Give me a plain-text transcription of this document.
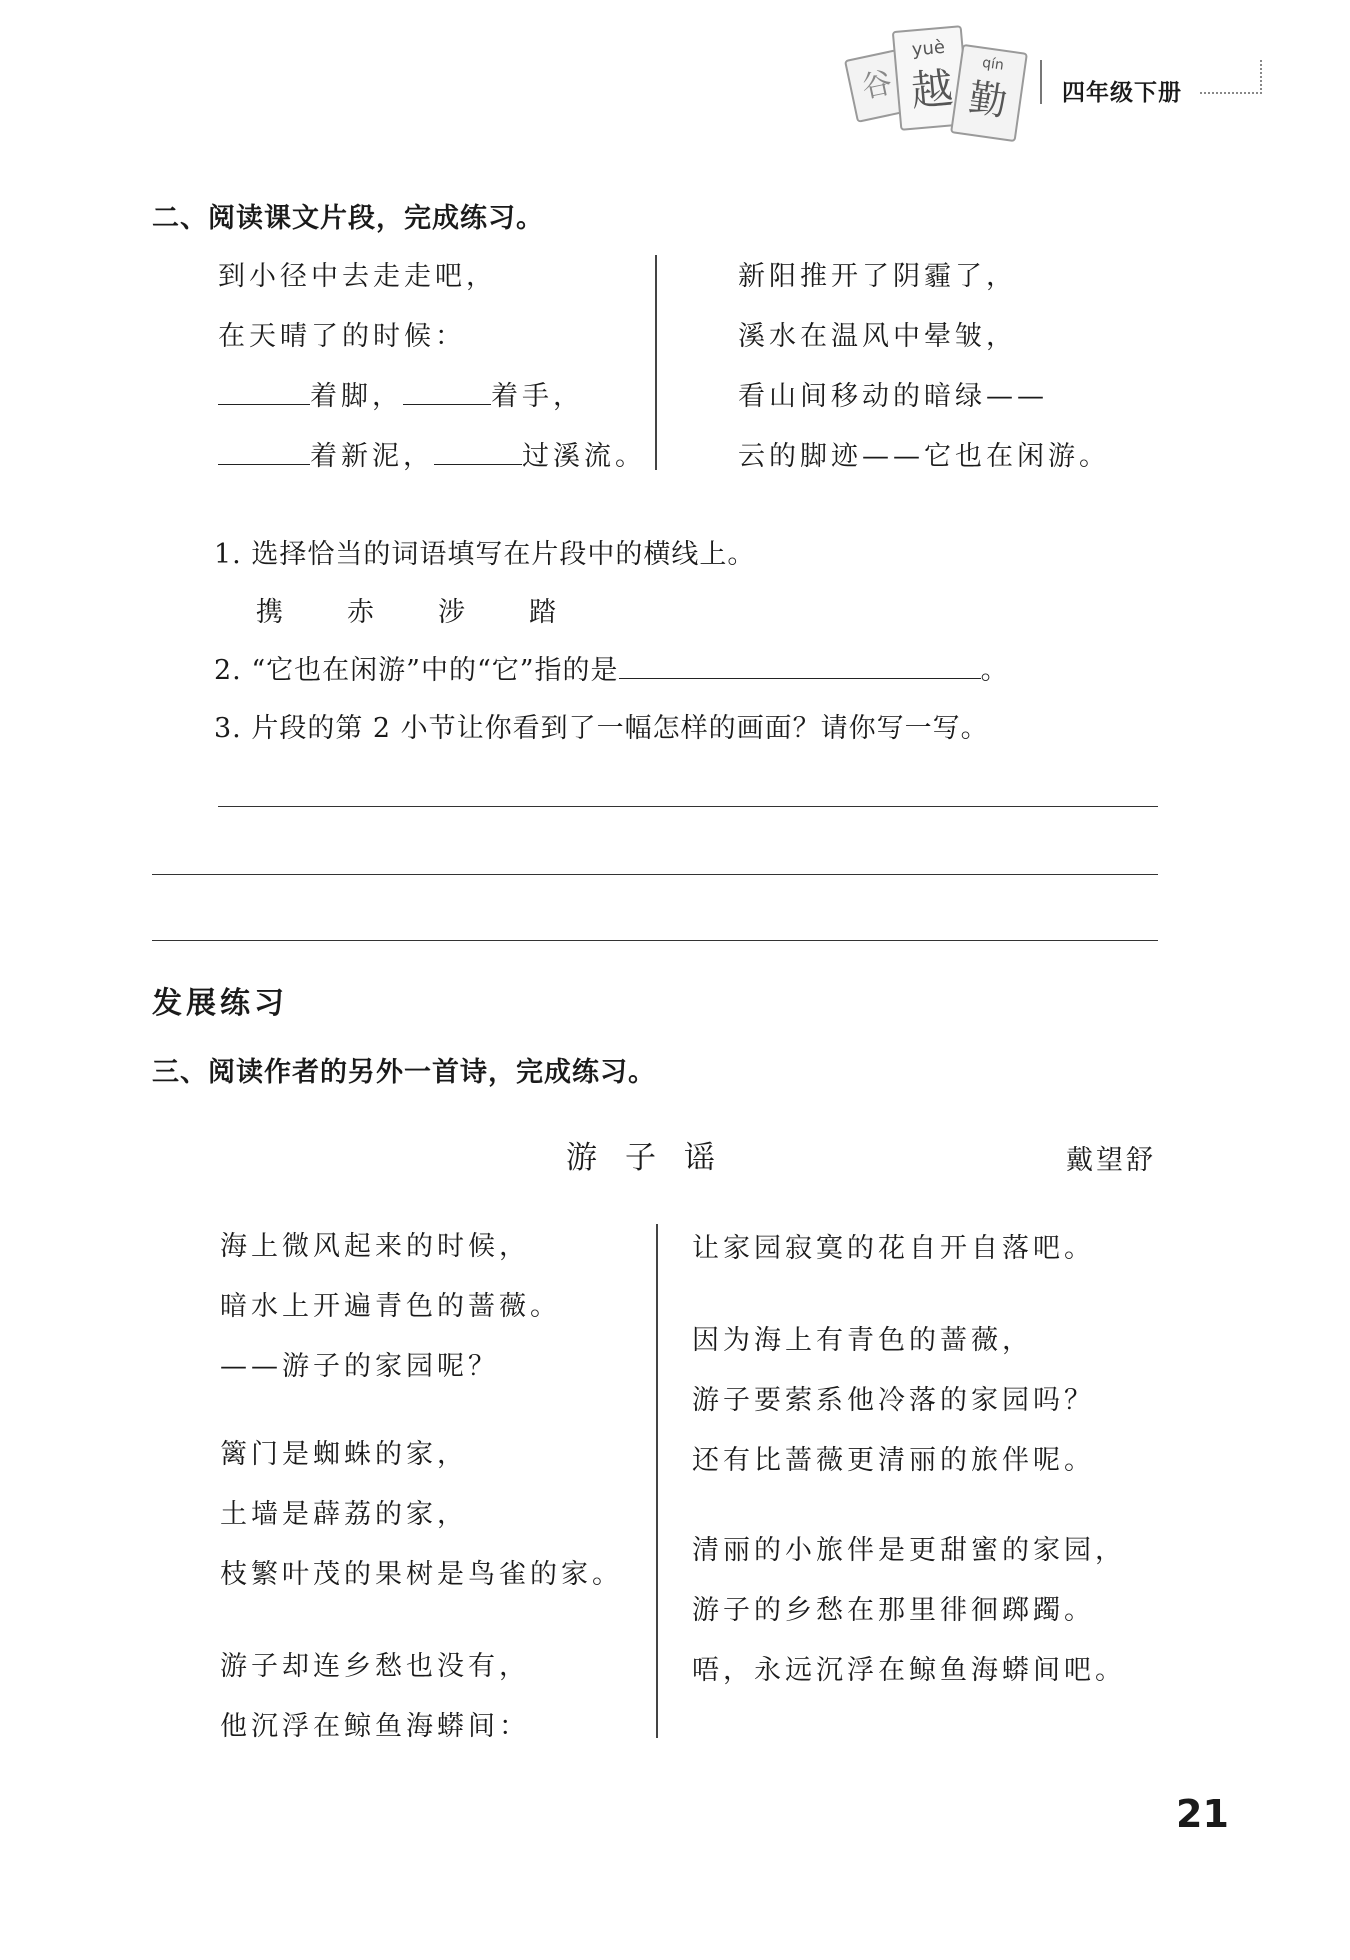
谷
yuè
越	qín
勤	四年级下册
二、阅读课文片段，完成练习。
到小径中去走走吧，
在天晴了的时候：
着脚，	着手，
着新泥，	过溪流。
新阳推开了阴霾了，
溪水在温风中晕皱，
看山间移动的暗绿——
云的脚迹——它也在闲游。
1. 选择恰当的词语填写在片段中的横线上。
携 赤 涉 踏
2. “它也在闲游”中的“它”指的是	。
3. 片段的第 2 小节让你看到了一幅怎样的画面？请你写一写。
发展练习
三、阅读作者的另外一首诗，完成练习。
游子谣	戴望舒
海上微风起来的时候，
暗水上开遍青色的蔷薇。
——游子的家园呢？
篱门是蜘蛛的家，
土墙是薜荔的家，
枝繁叶茂的果树是鸟雀的家。
游子却连乡愁也没有，
他沉浮在鲸鱼海蟒间：
让家园寂寞的花自开自落吧。
因为海上有青色的蔷薇，
游子要萦系他冷落的家园吗？
还有比蔷薇更清丽的旅伴呢。
清丽的小旅伴是更甜蜜的家园，
游子的乡愁在那里徘徊踯躅。
唔，永远沉浮在鲸鱼海蟒间吧。
21
